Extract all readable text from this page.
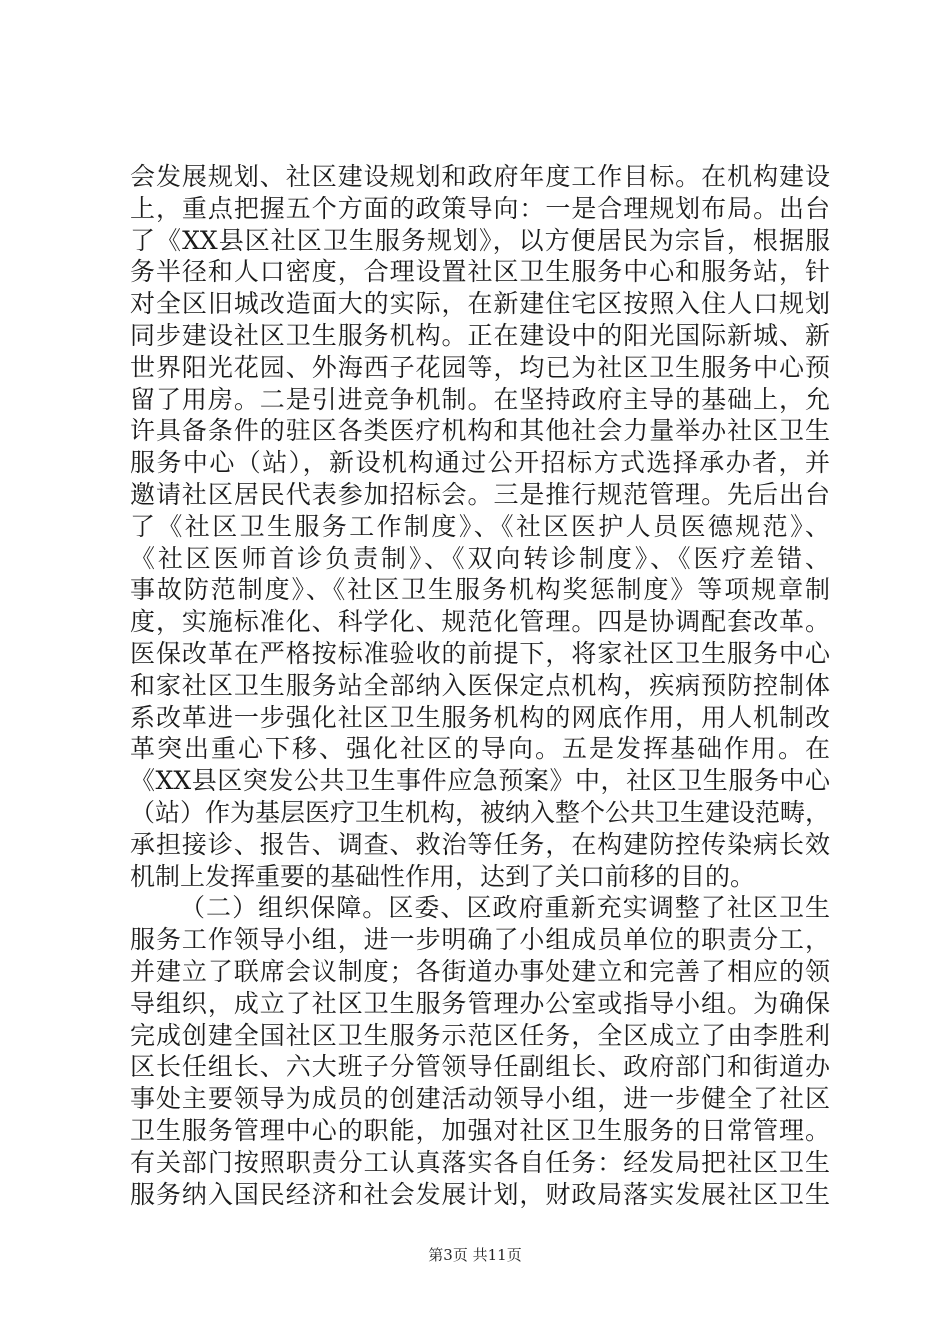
会发展规划、社区建设规划和政府年度工作目标。在机构建设
上，重点把握五个方面的政策导向：一是合理规划布局。出台
了《XX县区社区卫生服务规划》，以方便居民为宗旨，根据服
务半径和人口密度，合理设置社区卫生服务中心和服务站，针
对全区旧城改造面大的实际，在新建住宅区按照入住人口规划
同步建设社区卫生服务机构。正在建设中的阳光国际新城、新
世界阳光花园、外海西子花园等，均已为社区卫生服务中心预
留了用房。二是引进竞争机制。在坚持政府主导的基础上，允
许具备条件的驻区各类医疗机构和其他社会力量举办社区卫生
服务中心（站），新设机构通过公开招标方式选择承办者，并
邀请社区居民代表参加招标会。三是推行规范管理。先后出台
了《社区卫生服务工作制度》、《社区医护人员医德规范》、
《社区医师首诊负责制》、《双向转诊制度》、《医疗差错、
事故防范制度》、《社区卫生服务机构奖惩制度》等项规章制
度，实施标准化、科学化、规范化管理。四是协调配套改革。
医保改革在严格按标准验收的前提下，将家社区卫生服务中心
和家社区卫生服务站全部纳入医保定点机构，疾病预防控制体
系改革进一步强化社区卫生服务机构的网底作用，用人机制改
革突出重心下移、强化社区的导向。五是发挥基础作用。在
《XX县区突发公共卫生事件应急预案》中，社区卫生服务中心
（站）作为基层医疗卫生机构，被纳入整个公共卫生建设范畴，
承担接诊、报告、调查、救治等任务，在构建防控传染病长效
机制上发挥重要的基础性作用，达到了关口前移的目的。
（二）组织保障。区委、区政府重新充实调整了社区卫生
服务工作领导小组，进一步明确了小组成员单位的职责分工，
并建立了联席会议制度；各街道办事处建立和完善了相应的领
导组织，成立了社区卫生服务管理办公室或指导小组。为确保
完成创建全国社区卫生服务示范区任务，全区成立了由李胜利
区长任组长、六大班子分管领导任副组长、政府部门和街道办
事处主要领导为成员的创建活动领导小组，进一步健全了社区
卫生服务管理中心的职能，加强对社区卫生服务的日常管理。
有关部门按照职责分工认真落实各自任务：经发局把社区卫生
服务纳入国民经济和社会发展计划，财政局落实发展社区卫生
第3页 共11页
